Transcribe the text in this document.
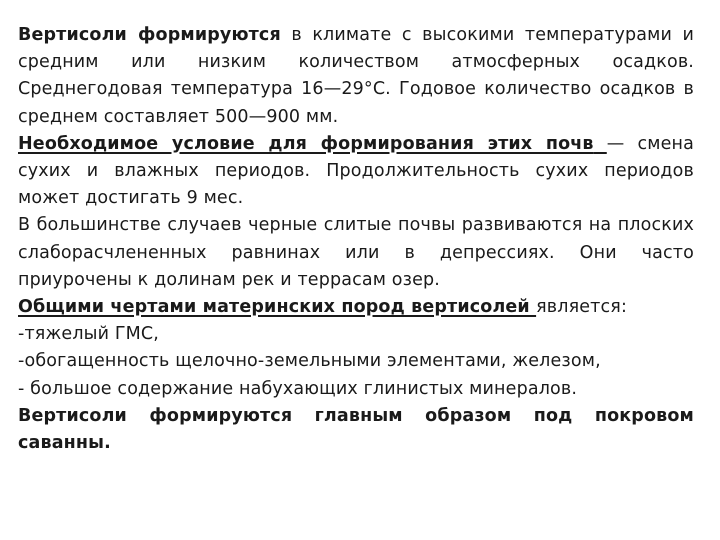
Вертисоли формируются в климате с высокими температурами и средним или низким количеством атмосферных осадков. Среднегодовая температура 16—29°С. Годовое количество осадков в среднем составляет 500—900 мм.

Необходимое условие для формирования этих почв — смена сухих и влажных периодов. Продолжительность сухих периодов может достигать 9 мес.

В большинстве случаев черные слитые почвы развиваются на плоских слаборасчлененных равнинах или в депрессиях. Они часто приурочены к долинам рек и террасам озер.

Общими чертами материнских пород вертисолей является:

-тяжелый ГМС,

-обогащенность щелочно-земельными элементами, железом,

- большое содержание набухающих глинистых минералов.

Вертисоли формируются главным образом под покровом саванны.
